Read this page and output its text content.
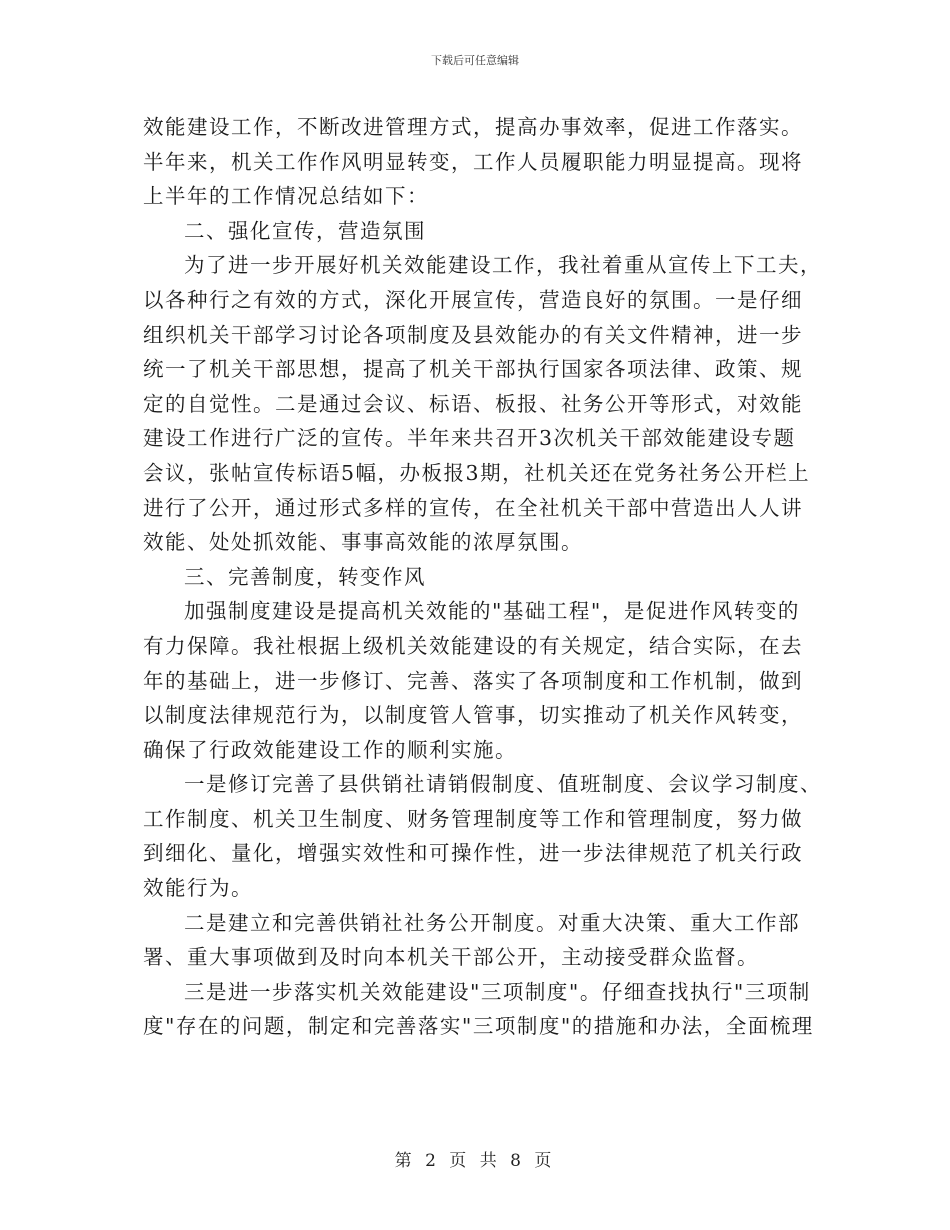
下载后可任意编辑
效能建设工作，不断改进管理方式，提高办事效率，促进工作落实。
半年来，机关工作作风明显转变，工作人员履职能力明显提高。现将
上半年的工作情况总结如下：
二、强化宣传，营造氛围
为了进一步开展好机关效能建设工作，我社着重从宣传上下工夫，
以各种行之有效的方式，深化开展宣传，营造良好的氛围。一是仔细
组织机关干部学习讨论各项制度及县效能办的有关文件精神，进一步
统一了机关干部思想，提高了机关干部执行国家各项法律、政策、规
定的自觉性。二是通过会议、标语、板报、社务公开等形式，对效能
建设工作进行广泛的宣传。半年来共召开3次机关干部效能建设专题
会议，张帖宣传标语5幅，办板报3期，社机关还在党务社务公开栏上
进行了公开，通过形式多样的宣传，在全社机关干部中营造出人人讲
效能、处处抓效能、事事高效能的浓厚氛围。
三、完善制度，转变作风
加强制度建设是提高机关效能的"基础工程"，是促进作风转变的
有力保障。我社根据上级机关效能建设的有关规定，结合实际，在去
年的基础上，进一步修订、完善、落实了各项制度和工作机制，做到
以制度法律规范行为，以制度管人管事，切实推动了机关作风转变，
确保了行政效能建设工作的顺利实施。
一是修订完善了县供销社请销假制度、值班制度、会议学习制度、
工作制度、机关卫生制度、财务管理制度等工作和管理制度，努力做
到细化、量化，增强实效性和可操作性，进一步法律规范了机关行政
效能行为。
二是建立和完善供销社社务公开制度。对重大决策、重大工作部
署、重大事项做到及时向本机关干部公开，主动接受群众监督。
三是进一步落实机关效能建设"三项制度"。仔细查找执行"三项制
度"存在的问题，制定和完善落实"三项制度"的措施和办法，全面梳理
第 2 页 共 8 页
